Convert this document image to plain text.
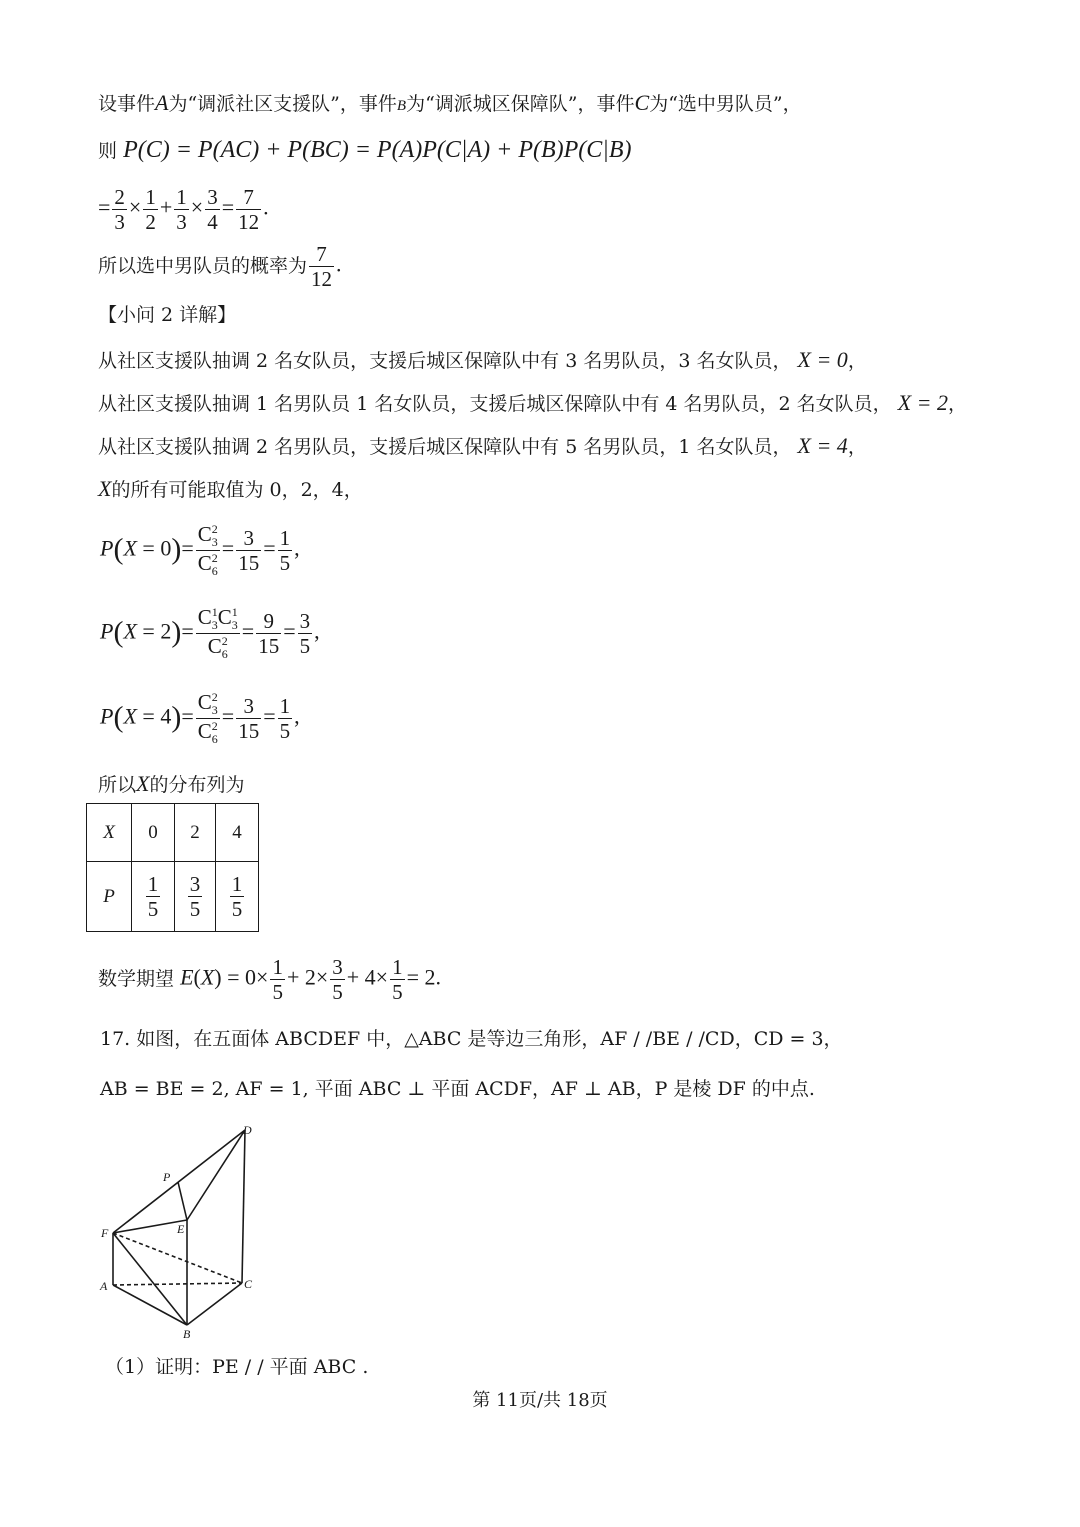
设事件A为“调派社区支援队”，事件B为“调派城区保障队”，事件C为“选中男队员”，
则 P(C) = P(AC) + P(BC) = P(A)P(C|A) + P(B)P(C|B)
= $\frac{2}{3} \times \frac{1}{2} + \frac{1}{3} \times \frac{3}{4} = \frac{7}{12}$ .
所以选中男队员的概率为 $\frac{7}{12}$ .
【小问 2 详解】
从社区支援队抽调 2 名女队员，支援后城区保障队中有 3 名男队员，3 名女队员， X = 0，
从社区支援队抽调 1 名男队员 1 名女队员，支援后城区保障队中有 4 名男队员，2 名女队员， X = 2，
从社区支援队抽调 2 名男队员，支援后城区保障队中有 5 名男队员，1 名女队员， X = 4，
X的所有可能取值为 0，2，4，
$P(X = 0)= \frac{C_3^2}{C_6^2} = \frac{3}{15} = \frac{1}{5}$ ,
$P(X = 2)= \frac{C_3^1C_3^1}{C_6^2} = \frac{9}{15} = \frac{3}{5}$ ,
$P(X = 4)= \frac{C_3^2}{C_6^2} = \frac{3}{15} = \frac{1}{5}$ ,
所以X的分布列为
X	0	2	4
P	$\frac{1}{5}$	$\frac{3}{5}$	$\frac{1}{5}$
数学期望 $E(X) = 0\times \frac{1}{5} + 2\times \frac{3}{5} + 4\times \frac{1}{5} = 2$.
17. 如图，在五面体 ABCDEF 中，△ABC 是等边三角形，AF / /BE / /CD，CD = 3，
AB = BE = 2, AF = 1, 平面 ABC ⊥ 平面 ACDF，AF ⊥ AB，P 是棱 DF 的中点.
D
P
E
F
A	C
B
（1）证明：PE / / 平面 ABC .
第 11页/共 18页
